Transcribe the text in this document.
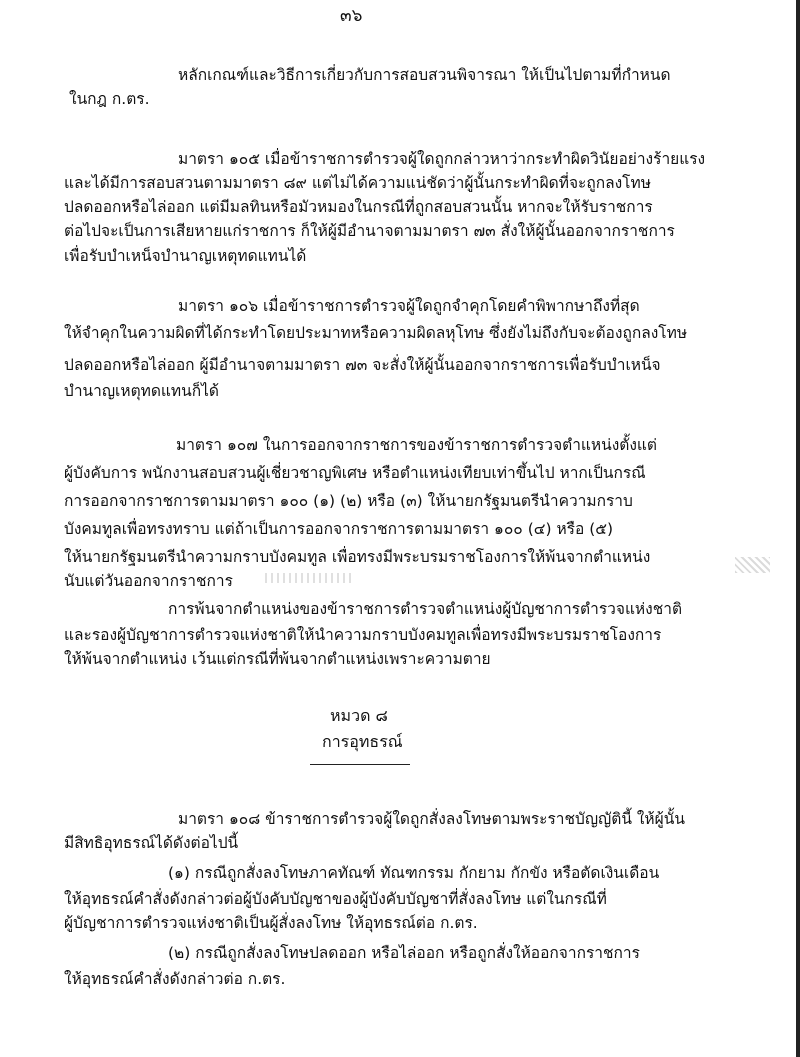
๓๖
หลักเกณฑ์และวิธีการเกี่ยวกับการสอบสวนพิจารณา ให้เป็นไปตามที่กำหนด
ในกฎ ก.ตร.
มาตรา ๑๐๕ เมื่อข้าราชการตำรวจผู้ใดถูกกล่าวหาว่ากระทำผิดวินัยอย่างร้ายแรง
และได้มีการสอบสวนตามมาตรา ๘๙ แต่ไม่ได้ความแน่ชัดว่าผู้นั้นกระทำผิดที่จะถูกลงโทษ
ปลดออกหรือไล่ออก แต่มีมลทินหรือมัวหมองในกรณีที่ถูกสอบสวนนั้น หากจะให้รับราชการ
ต่อไปจะเป็นการเสียหายแก่ราชการ ก็ให้ผู้มีอำนาจตามมาตรา ๗๓ สั่งให้ผู้นั้นออกจากราชการ
เพื่อรับบำเหน็จบำนาญเหตุทดแทนได้
มาตรา ๑๐๖ เมื่อข้าราชการตำรวจผู้ใดถูกจำคุกโดยคำพิพากษาถึงที่สุด
ให้จำคุกในความผิดที่ได้กระทำโดยประมาทหรือความผิดลหุโทษ ซึ่งยังไม่ถึงกับจะต้องถูกลงโทษ
ปลดออกหรือไล่ออก ผู้มีอำนาจตามมาตรา ๗๓ จะสั่งให้ผู้นั้นออกจากราชการเพื่อรับบำเหน็จ
บำนาญเหตุทดแทนก็ได้
มาตรา ๑๐๗ ในการออกจากราชการของข้าราชการตำรวจตำแหน่งตั้งแต่
ผู้บังคับการ พนักงานสอบสวนผู้เชี่ยวชาญพิเศษ หรือตำแหน่งเทียบเท่าขึ้นไป หากเป็นกรณี
การออกจากราชการตามมาตรา ๑๐๐ (๑) (๒) หรือ (๓) ให้นายกรัฐมนตรีนำความกราบ
บังคมทูลเพื่อทรงทราบ แต่ถ้าเป็นการออกจากราชการตามมาตรา ๑๐๐ (๔) หรือ (๕)
ให้นายกรัฐมนตรีนำความกราบบังคมทูล เพื่อทรงมีพระบรมราชโองการให้พ้นจากตำแหน่ง
นับแต่วันออกจากราชการ
การพ้นจากตำแหน่งของข้าราชการตำรวจตำแหน่งผู้บัญชาการตำรวจแห่งชาติ
และรองผู้บัญชาการตำรวจแห่งชาติให้นำความกราบบังคมทูลเพื่อทรงมีพระบรมราชโองการ
ให้พ้นจากตำแหน่ง เว้นแต่กรณีที่พ้นจากตำแหน่งเพราะความตาย
หมวด ๘
การอุทธรณ์
มาตรา ๑๐๘ ข้าราชการตำรวจผู้ใดถูกสั่งลงโทษตามพระราชบัญญัตินี้ ให้ผู้นั้น
มีสิทธิอุทธรณ์ได้ดังต่อไปนี้
(๑) กรณีถูกสั่งลงโทษภาคทัณฑ์ ทัณฑกรรม กักยาม กักขัง หรือตัดเงินเดือน
ให้อุทธรณ์คำสั่งดังกล่าวต่อผู้บังคับบัญชาของผู้บังคับบัญชาที่สั่งลงโทษ แต่ในกรณีที่
ผู้บัญชาการตำรวจแห่งชาติเป็นผู้สั่งลงโทษ ให้อุทธรณ์ต่อ ก.ตร.
(๒) กรณีถูกสั่งลงโทษปลดออก หรือไล่ออก หรือถูกสั่งให้ออกจากราชการ
ให้อุทธรณ์คำสั่งดังกล่าวต่อ ก.ตร.
